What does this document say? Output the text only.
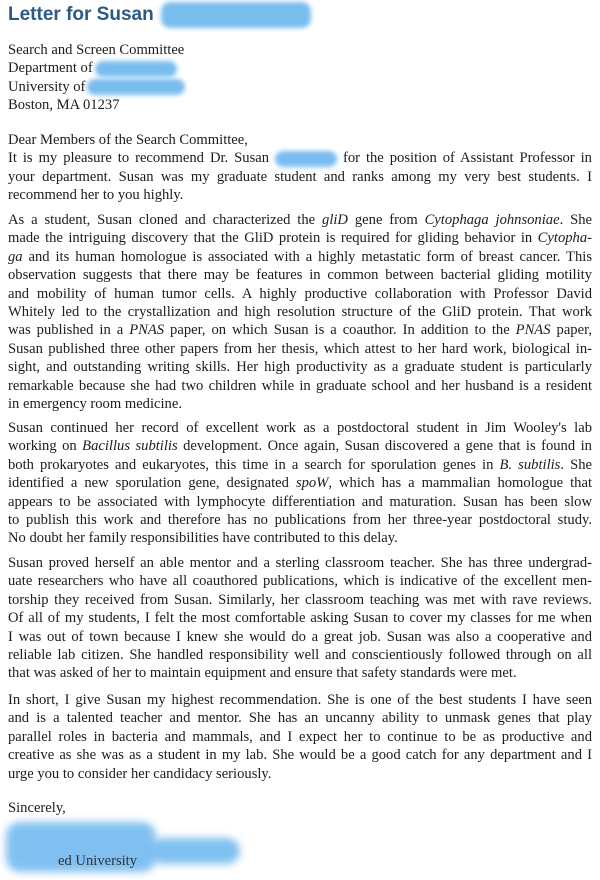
Letter for Susan
Search and Screen Committee
Department of
University of
Boston, MA 01237
Dear Members of the Search Committee,
It is my pleasure to recommend Dr. Susan	for the position of Assistant Professor in
your department. Susan was my graduate student and ranks among my very best students. I
recommend her to you highly.
As a student, Susan cloned and characterized the gliD gene from Cytophaga johnsoniae. She
made the intriguing discovery that the GliD protein is required for gliding behavior in Cytopha-
ga and its human homologue is associated with a highly metastatic form of breast cancer. This
observation suggests that there may be features in common between bacterial gliding motility
and mobility of human tumor cells. A highly productive collaboration with Professor David
Whitely led to the crystallization and high resolution structure of the GliD protein. That work
was published in a PNAS paper, on which Susan is a coauthor. In addition to the PNAS paper,
Susan published three other papers from her thesis, which attest to her hard work, biological in-
sight, and outstanding writing skills. Her high productivity as a graduate student is particularly
remarkable because she had two children while in graduate school and her husband is a resident
in emergency room medicine.
Susan continued her record of excellent work as a postdoctoral student in Jim Wooley's lab
working on Bacillus subtilis development. Once again, Susan discovered a gene that is found in
both prokaryotes and eukaryotes, this time in a search for sporulation genes in B. subtilis. She
identified a new sporulation gene, designated spoW, which has a mammalian homologue that
appears to be associated with lymphocyte differentiation and maturation. Susan has been slow
to publish this work and therefore has no publications from her three-year postdoctoral study.
No doubt her family responsibilities have contributed to this delay.
Susan proved herself an able mentor and a sterling classroom teacher. She has three undergrad-
uate researchers who have all coauthored publications, which is indicative of the excellent men-
torship they received from Susan. Similarly, her classroom teaching was met with rave reviews.
Of all of my students, I felt the most comfortable asking Susan to cover my classes for me when
I was out of town because I knew she would do a great job. Susan was also a cooperative and
reliable lab citizen. She handled responsibility well and conscientiously followed through on all
that was asked of her to maintain equipment and ensure that safety standards were met.
In short, I give Susan my highest recommendation. She is one of the best students I have seen
and is a talented teacher and mentor. She has an uncanny ability to unmask genes that play
parallel roles in bacteria and mammals, and I expect her to continue to be as productive and
creative as she was as a student in my lab. She would be a good catch for any department and I
urge you to consider her candidacy seriously.
Sincerely,
ed University
